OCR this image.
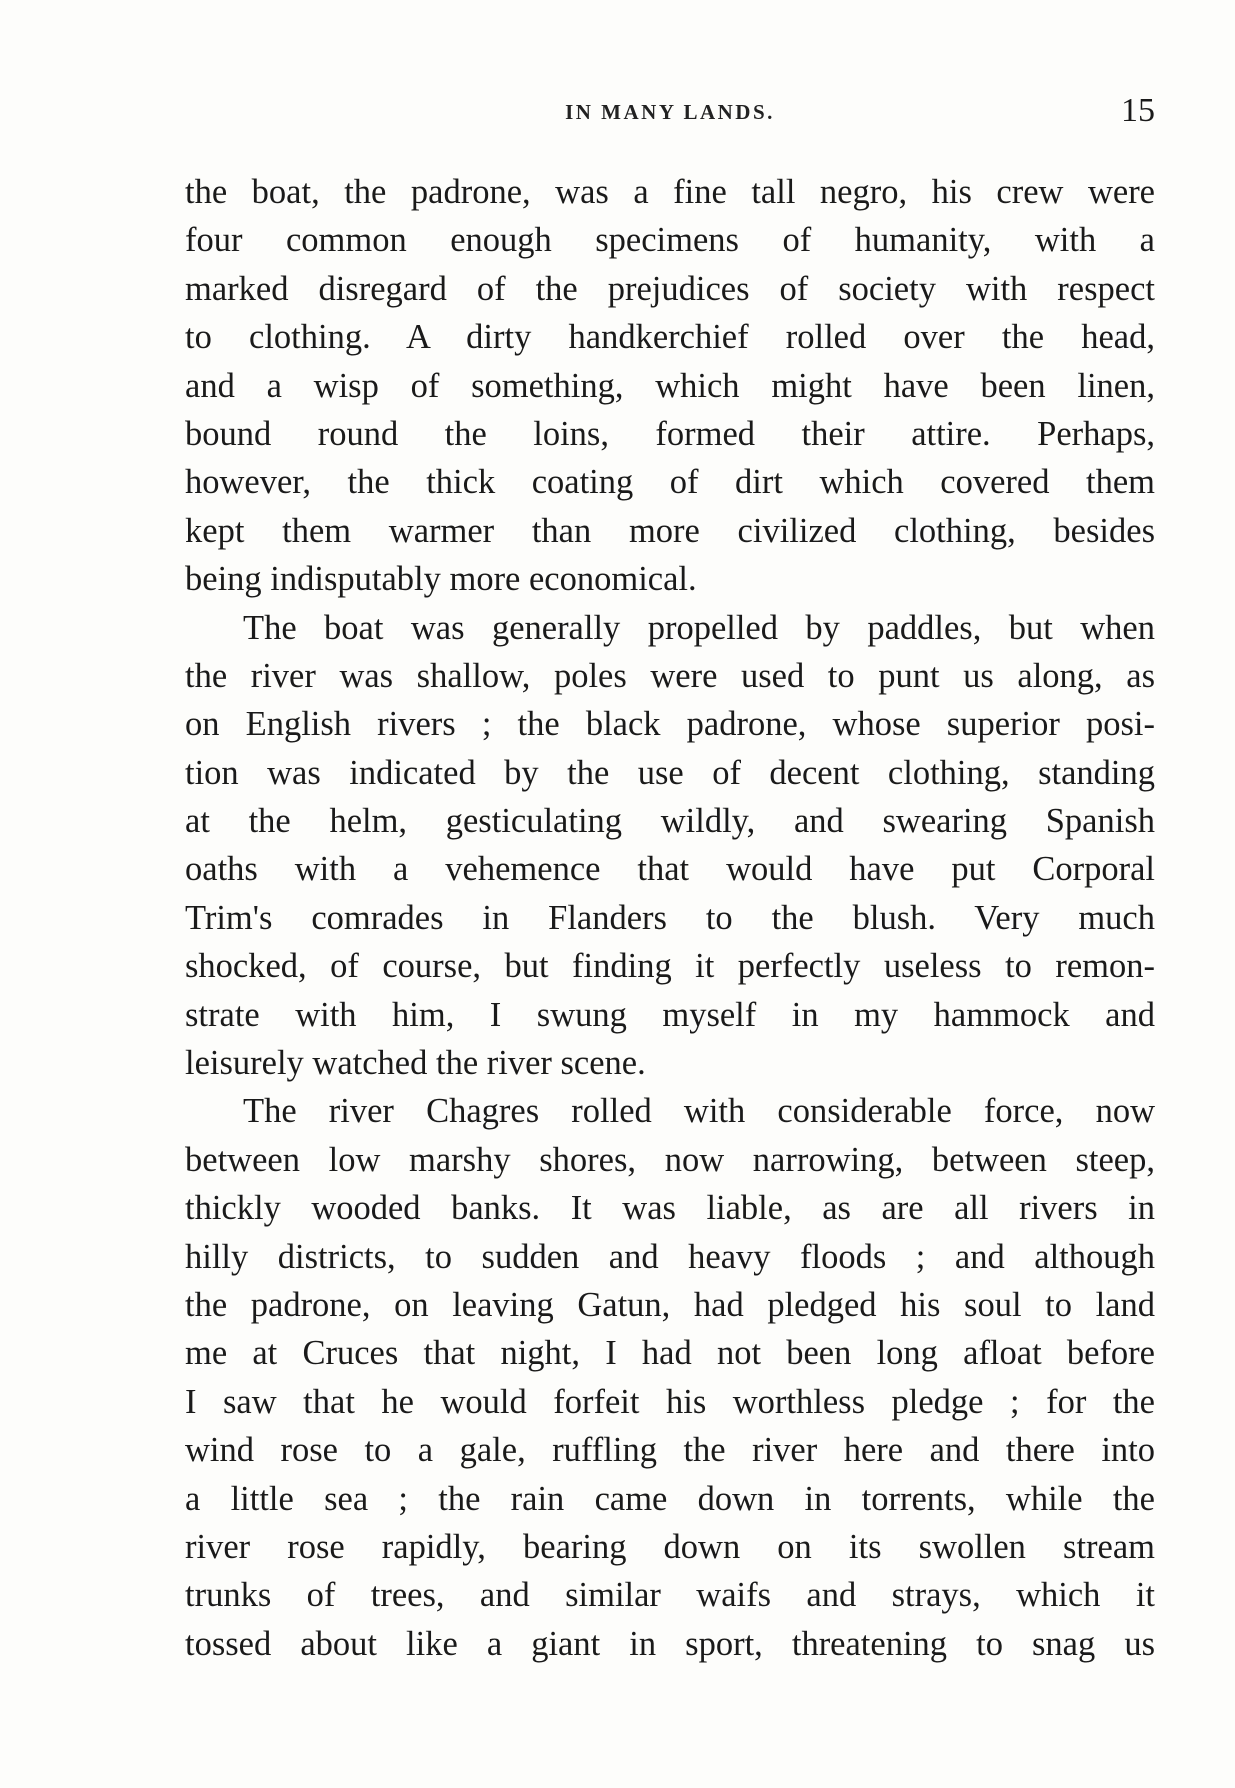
IN MANY LANDS.	15
the boat, the padrone, was a fine tall negro, his crew were
four common enough specimens of humanity, with a
marked disregard of the prejudices of society with respect
to clothing. A dirty handkerchief rolled over the head,
and a wisp of something, which might have been linen,
bound round the loins, formed their attire. Perhaps,
however, the thick coating of dirt which covered them
kept them warmer than more civilized clothing, besides
being indisputably more economical.
The boat was generally propelled by paddles, but when
the river was shallow, poles were used to punt us along, as
on English rivers ; the black padrone, whose superior posi-
tion was indicated by the use of decent clothing, standing
at the helm, gesticulating wildly, and swearing Spanish
oaths with a vehemence that would have put Corporal
Trim's comrades in Flanders to the blush. Very much
shocked, of course, but finding it perfectly useless to remon-
strate with him, I swung myself in my hammock and
leisurely watched the river scene.
The river Chagres rolled with considerable force, now
between low marshy shores, now narrowing, between steep,
thickly wooded banks. It was liable, as are all rivers in
hilly districts, to sudden and heavy floods ; and although
the padrone, on leaving Gatun, had pledged his soul to land
me at Cruces that night, I had not been long afloat before
I saw that he would forfeit his worthless pledge ; for the
wind rose to a gale, ruffling the river here and there into
a little sea ; the rain came down in torrents, while the
river rose rapidly, bearing down on its swollen stream
trunks of trees, and similar waifs and strays, which it
tossed about like a giant in sport, threatening to snag us
